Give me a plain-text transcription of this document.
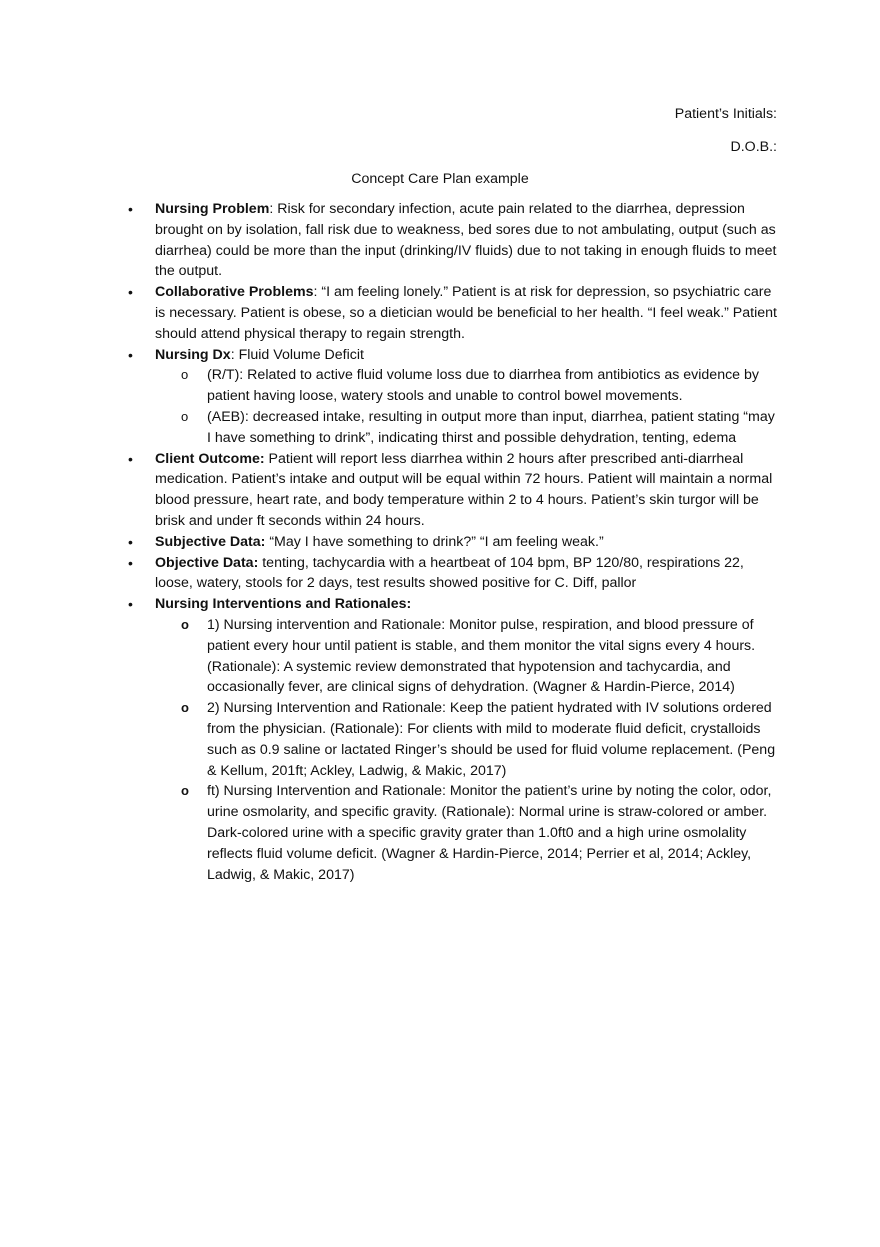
Patient’s Initials:
D.O.B.:
Concept Care Plan example
• Nursing Problem: Risk for secondary infection, acute pain related to the diarrhea, depression brought on by isolation, fall risk due to weakness, bed sores due to not ambulating, output (such as diarrhea) could be more than the input (drinking/IV fluids) due to not taking in enough fluids to meet the output.
• Collaborative Problems: “I am feeling lonely.” Patient is at risk for depression, so psychiatric care is necessary. Patient is obese, so a dietician would be beneficial to her health. “I feel weak.” Patient should attend physical therapy to regain strength.
• Nursing Dx: Fluid Volume Deficit
o (R/T): Related to active fluid volume loss due to diarrhea from antibiotics as evidence by patient having loose, watery stools and unable to control bowel movements.
o (AEB): decreased intake, resulting in output more than input, diarrhea, patient stating “may I have something to drink”, indicating thirst and possible dehydration, tenting, edema
• Client Outcome: Patient will report less diarrhea within 2 hours after prescribed anti-diarrheal medication. Patient’s intake and output will be equal within 72 hours. Patient will maintain a normal blood pressure, heart rate, and body temperature within 2 to 4 hours. Patient’s skin turgor will be brisk and under ft seconds within 24 hours.
• Subjective Data: “May I have something to drink?” “I am feeling weak.”
• Objective Data: tenting, tachycardia with a heartbeat of 104 bpm, BP 120/80, respirations 22, loose, watery, stools for 2 days, test results showed positive for C. Diff, pallor
• Nursing Interventions and Rationales:
o 1) Nursing intervention and Rationale: Monitor pulse, respiration, and blood pressure of patient every hour until patient is stable, and them monitor the vital signs every 4 hours. (Rationale): A systemic review demonstrated that hypotension and tachycardia, and occasionally fever, are clinical signs of dehydration. (Wagner & Hardin-Pierce, 2014)
o 2) Nursing Intervention and Rationale: Keep the patient hydrated with IV solutions ordered from the physician. (Rationale): For clients with mild to moderate fluid deficit, crystalloids such as 0.9 saline or lactated Ringer’s should be used for fluid volume replacement. (Peng & Kellum, 201ft; Ackley, Ladwig, & Makic, 2017)
o ft) Nursing Intervention and Rationale: Monitor the patient’s urine by noting the color, odor, urine osmolarity, and specific gravity. (Rationale): Normal urine is straw-colored or amber. Dark-colored urine with a specific gravity grater than 1.0ft0 and a high urine osmolality reflects fluid volume deficit. (Wagner & Hardin-Pierce, 2014; Perrier et al, 2014; Ackley, Ladwig, & Makic, 2017)
